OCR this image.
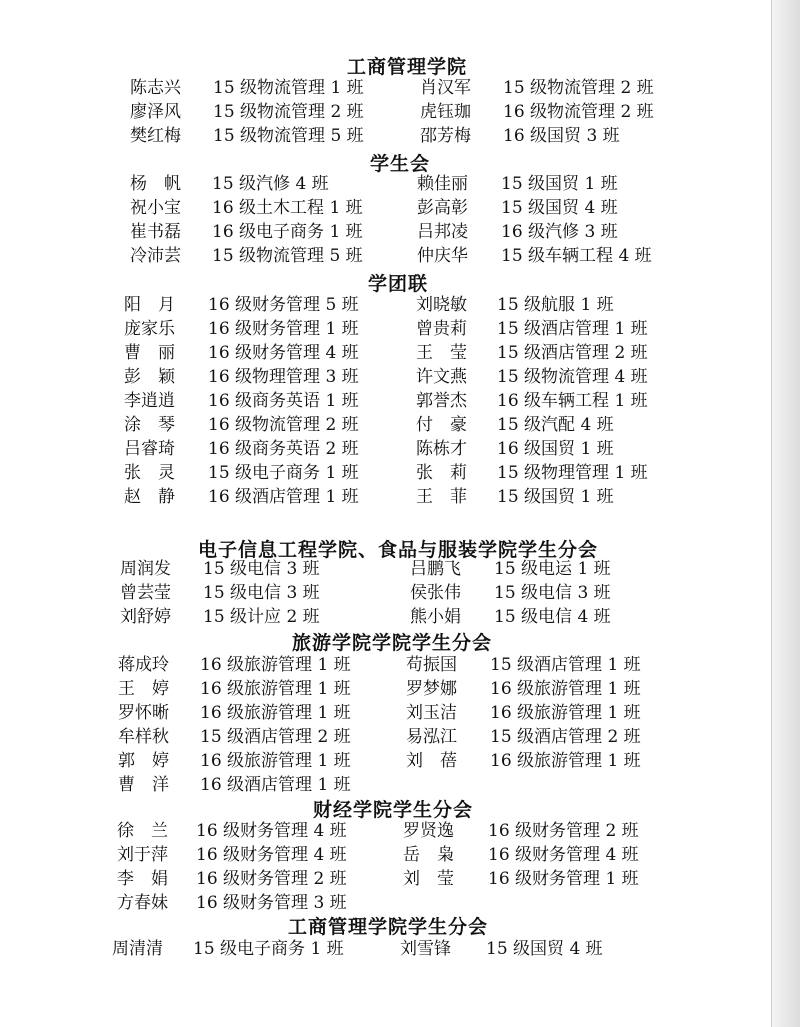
工商管理学院
陈志兴 15 级物流管理 1 班	肖汉军 15 级物流管理 2 班
廖泽风 15 级物流管理 2 班	虎钰珈 16 级物流管理 2 班
樊红梅 15 级物流管理 5 班	邵芳梅 16 级国贸 3 班
学生会
杨　帆 15 级汽修 4 班	赖佳丽 15 级国贸 1 班
祝小宝 16 级土木工程 1 班	彭高彰 15 级国贸 4 班
崔书磊 16 级电子商务 1 班	吕邦凌 16 级汽修 3 班
冷沛芸 15 级物流管理 5 班	仲庆华 15 级车辆工程 4 班
学团联
阳　月 16 级财务管理 5 班	刘晓敏 15 级航服 1 班
庞家乐 16 级财务管理 1 班	曾贵莉 15 级酒店管理 1 班
曹　丽 16 级财务管理 4 班	王　莹 15 级酒店管理 2 班
彭　颖 16 级物理管理 3 班	许文燕 15 级物流管理 4 班
李逍逍 16 级商务英语 1 班	郭誉杰 16 级车辆工程 1 班
涂　琴 16 级物流管理 2 班	付　豪 15 级汽配 4 班
吕睿琦 16 级商务英语 2 班	陈栋才 16 级国贸 1 班
张　灵 15 级电子商务 1 班	张　莉 15 级物理管理 1 班
赵　静 16 级酒店管理 1 班	王　菲 15 级国贸 1 班
电子信息工程学院、食品与服装学院学生分会
周润发 15 级电信 3 班	吕鹏飞 15 级电运 1 班
曾芸莹 15 级电信 3 班	侯张伟 15 级电信 3 班
刘舒婷 15 级计应 2 班	熊小娟 15 级电信 4 班
旅游学院学院学生分会
蒋成玲 16 级旅游管理 1 班	苟振国 15 级酒店管理 1 班
王　婷 16 级旅游管理 1 班	罗梦娜 16 级旅游管理 1 班
罗怀晰 16 级旅游管理 1 班	刘玉洁 16 级旅游管理 1 班
牟样秋 15 级酒店管理 2 班	易泓江 15 级酒店管理 2 班
郭　婷 16 级旅游管理 1 班	刘　蓓 16 级旅游管理 1 班
曹　洋 16 级酒店管理 1 班
财经学院学生分会
徐　兰 16 级财务管理 4 班	罗贤逸 16 级财务管理 2 班
刘于萍 16 级财务管理 4 班	岳　枭 16 级财务管理 4 班
李　娟 16 级财务管理 2 班	刘　莹 16 级财务管理 1 班
方春妹 16 级财务管理 3 班
工商管理学院学生分会
周清清 15 级电子商务 1 班	刘雪锋 15 级国贸 4 班
